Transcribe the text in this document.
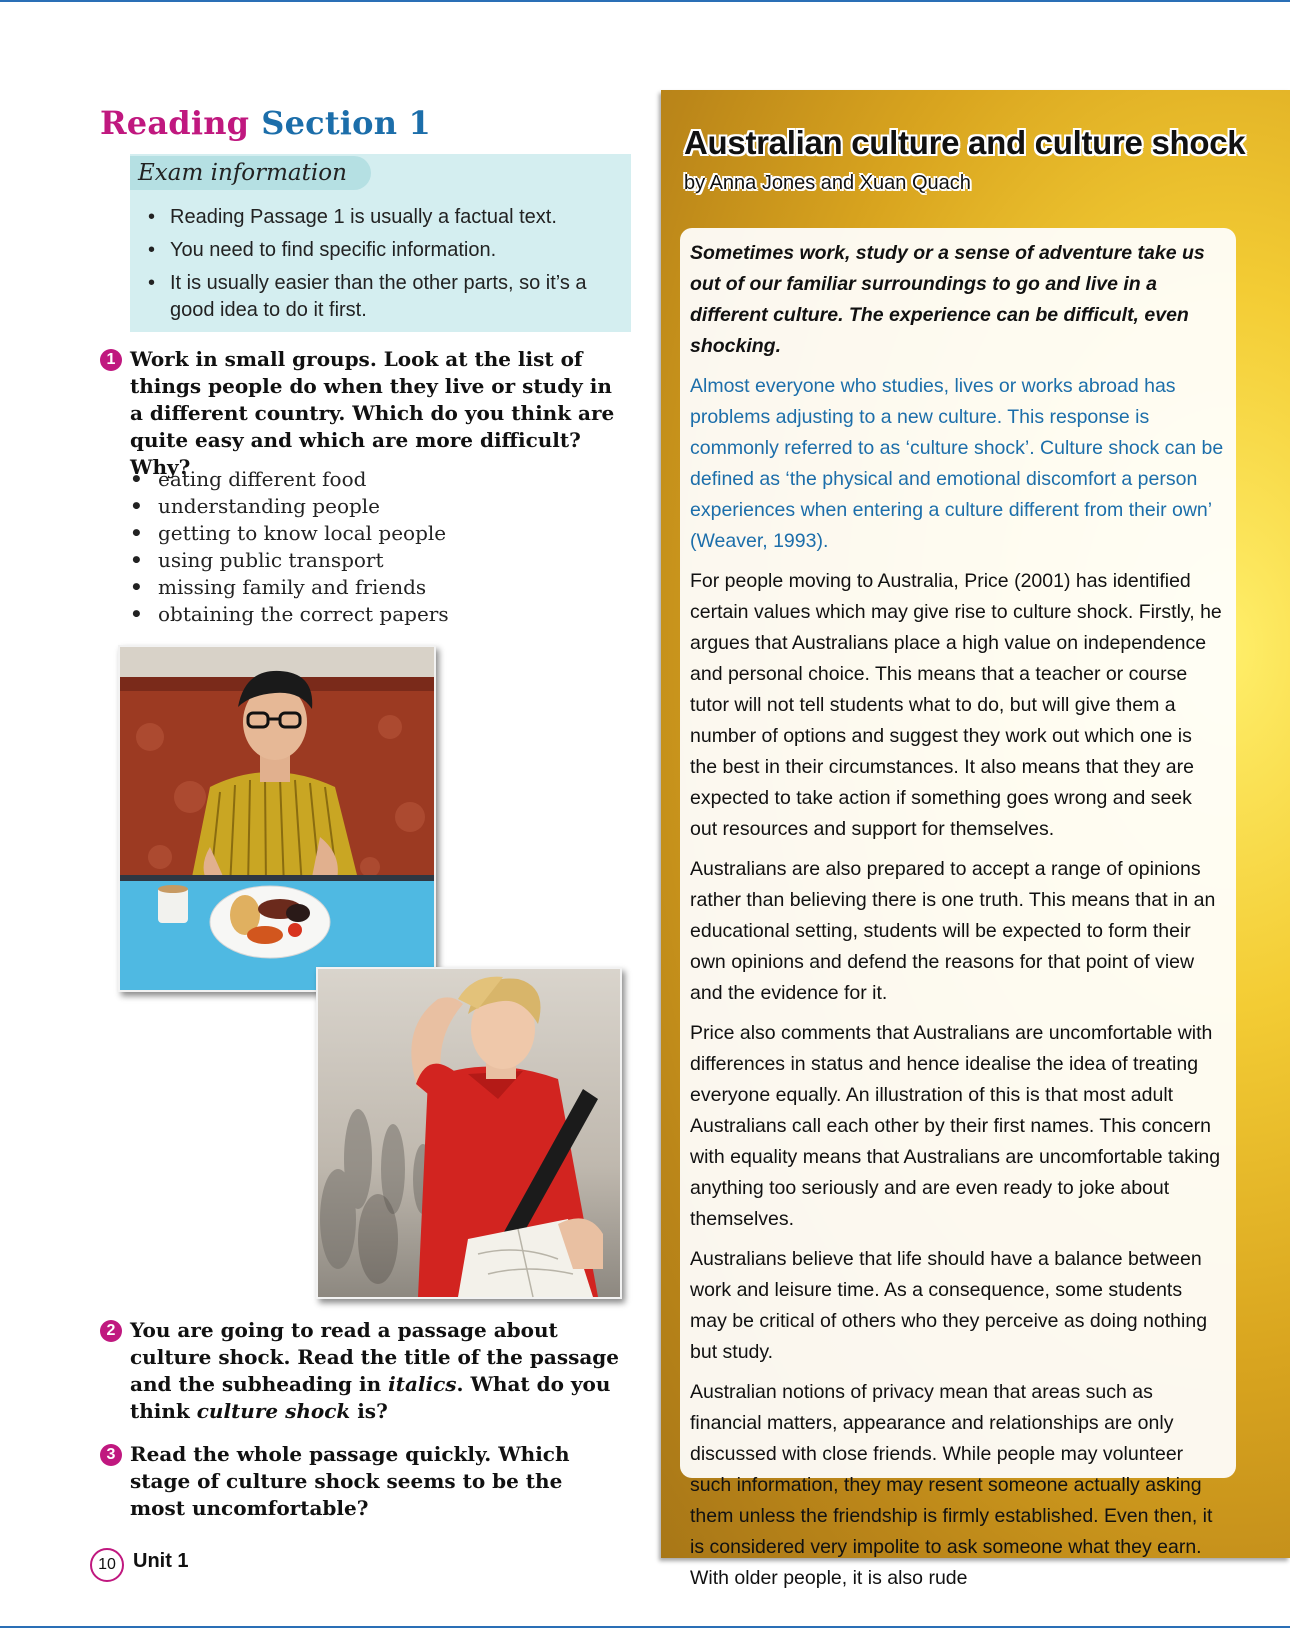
Reading Section 1
Exam information
• Reading Passage 1 is usually a factual text.
• You need to find specific information.
• It is usually easier than the other parts, so it’s a good idea to do it first.
1 Work in small groups. Look at the list of things people do when they live or study in a different country. Which do you think are quite easy and which are more difficult? Why?
• eating different food
• understanding people
• getting to know local people
• using public transport
• missing family and friends
• obtaining the correct papers
2 You are going to read a passage about culture shock. Read the title of the passage and the subheading in italics. What do you think culture shock is?
3 Read the whole passage quickly. Which stage of culture shock seems to be the most uncomfortable?
10 Unit 1
Australian culture and culture shock
by Anna Jones and Xuan Quach

Sometimes work, study or a sense of adventure take us out of our familiar surroundings to go and live in a different culture. The experience can be difficult, even shocking.

Almost everyone who studies, lives or works abroad has problems adjusting to a new culture. This response is commonly referred to as ‘culture shock’. Culture shock can be defined as ‘the physical and emotional discomfort a person experiences when entering a culture different from their own’ (Weaver, 1993).

For people moving to Australia, Price (2001) has identified certain values which may give rise to culture shock. Firstly, he argues that Australians place a high value on independence and personal choice. This means that a teacher or course tutor will not tell students what to do, but will give them a number of options and suggest they work out which one is the best in their circumstances. It also means that they are expected to take action if something goes wrong and seek out resources and support for themselves.

Australians are also prepared to accept a range of opinions rather than believing there is one truth. This means that in an educational setting, students will be expected to form their own opinions and defend the reasons for that point of view and the evidence for it.

Price also comments that Australians are uncomfortable with differences in status and hence idealise the idea of treating everyone equally. An illustration of this is that most adult Australians call each other by their first names. This concern with equality means that Australians are uncomfortable taking anything too seriously and are even ready to joke about themselves.

Australians believe that life should have a balance between work and leisure time. As a consequence, some students may be critical of others who they perceive as doing nothing but study.

Australian notions of privacy mean that areas such as financial matters, appearance and relationships are only discussed with close friends. While people may volunteer such information, they may resent someone actually asking them unless the friendship is firmly established. Even then, it is considered very impolite to ask someone what they earn. With older people, it is also rude
